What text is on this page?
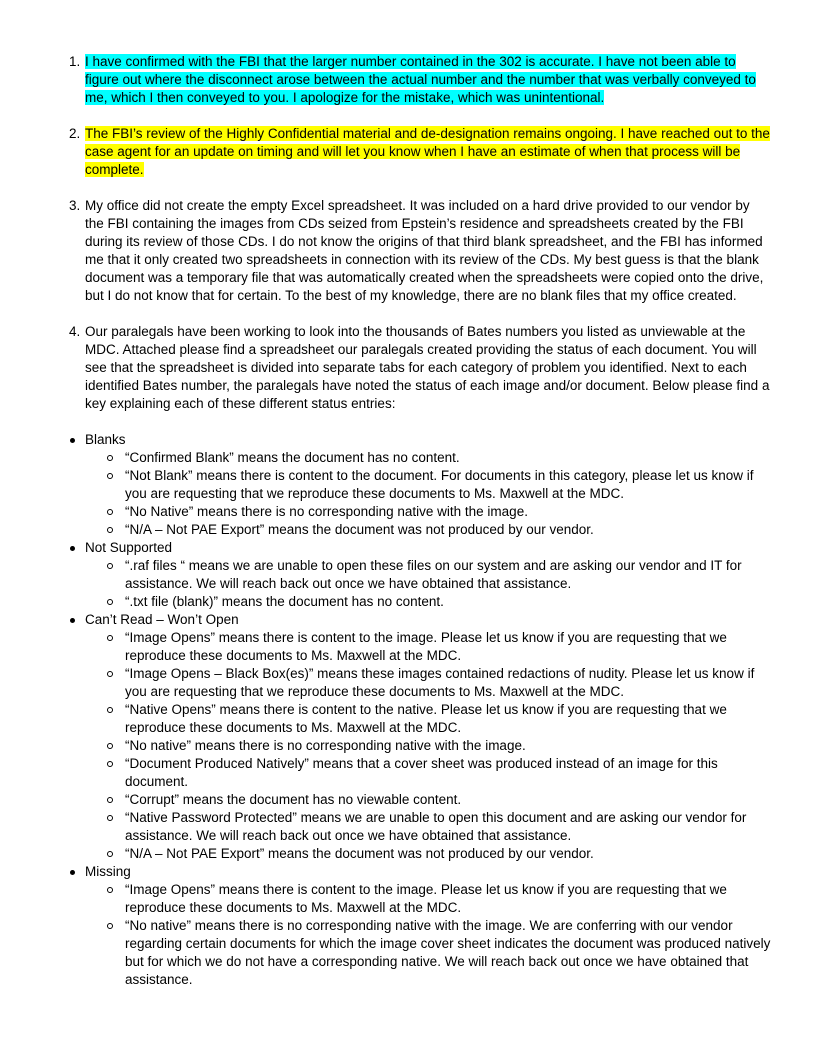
1. I have confirmed with the FBI that the larger number contained in the 302 is accurate. I have not been able to figure out where the disconnect arose between the actual number and the number that was verbally conveyed to me, which I then conveyed to you. I apologize for the mistake, which was unintentional.
2. The FBI’s review of the Highly Confidential material and de-designation remains ongoing. I have reached out to the case agent for an update on timing and will let you know when I have an estimate of when that process will be complete.
3. My office did not create the empty Excel spreadsheet. It was included on a hard drive provided to our vendor by the FBI containing the images from CDs seized from Epstein’s residence and spreadsheets created by the FBI during its review of those CDs. I do not know the origins of that third blank spreadsheet, and the FBI has informed me that it only created two spreadsheets in connection with its review of the CDs. My best guess is that the blank document was a temporary file that was automatically created when the spreadsheets were copied onto the drive, but I do not know that for certain. To the best of my knowledge, there are no blank files that my office created.
4. Our paralegals have been working to look into the thousands of Bates numbers you listed as unviewable at the MDC. Attached please find a spreadsheet our paralegals created providing the status of each document. You will see that the spreadsheet is divided into separate tabs for each category of problem you identified. Next to each identified Bates number, the paralegals have noted the status of each image and/or document. Below please find a key explaining each of these different status entries:
Blanks
“Confirmed Blank” means the document has no content.
“Not Blank” means there is content to the document. For documents in this category, please let us know if you are requesting that we reproduce these documents to Ms. Maxwell at the MDC.
“No Native” means there is no corresponding native with the image.
“N/A – Not PAE Export” means the document was not produced by our vendor.
Not Supported
“.raf files “ means we are unable to open these files on our system and are asking our vendor and IT for assistance. We will reach back out once we have obtained that assistance.
“.txt file (blank)” means the document has no content.
Can’t Read – Won’t Open
“Image Opens” means there is content to the image. Please let us know if you are requesting that we reproduce these documents to Ms. Maxwell at the MDC.
“Image Opens – Black Box(es)” means these images contained redactions of nudity. Please let us know if you are requesting that we reproduce these documents to Ms. Maxwell at the MDC.
“Native Opens” means there is content to the native. Please let us know if you are requesting that we reproduce these documents to Ms. Maxwell at the MDC.
“No native” means there is no corresponding native with the image.
“Document Produced Natively” means that a cover sheet was produced instead of an image for this document.
“Corrupt” means the document has no viewable content.
“Native Password Protected” means we are unable to open this document and are asking our vendor for assistance. We will reach back out once we have obtained that assistance.
“N/A – Not PAE Export” means the document was not produced by our vendor.
Missing
“Image Opens” means there is content to the image. Please let us know if you are requesting that we reproduce these documents to Ms. Maxwell at the MDC.
“No native” means there is no corresponding native with the image. We are conferring with our vendor regarding certain documents for which the image cover sheet indicates the document was produced natively but for which we do not have a corresponding native. We will reach back out once we have obtained that assistance.
